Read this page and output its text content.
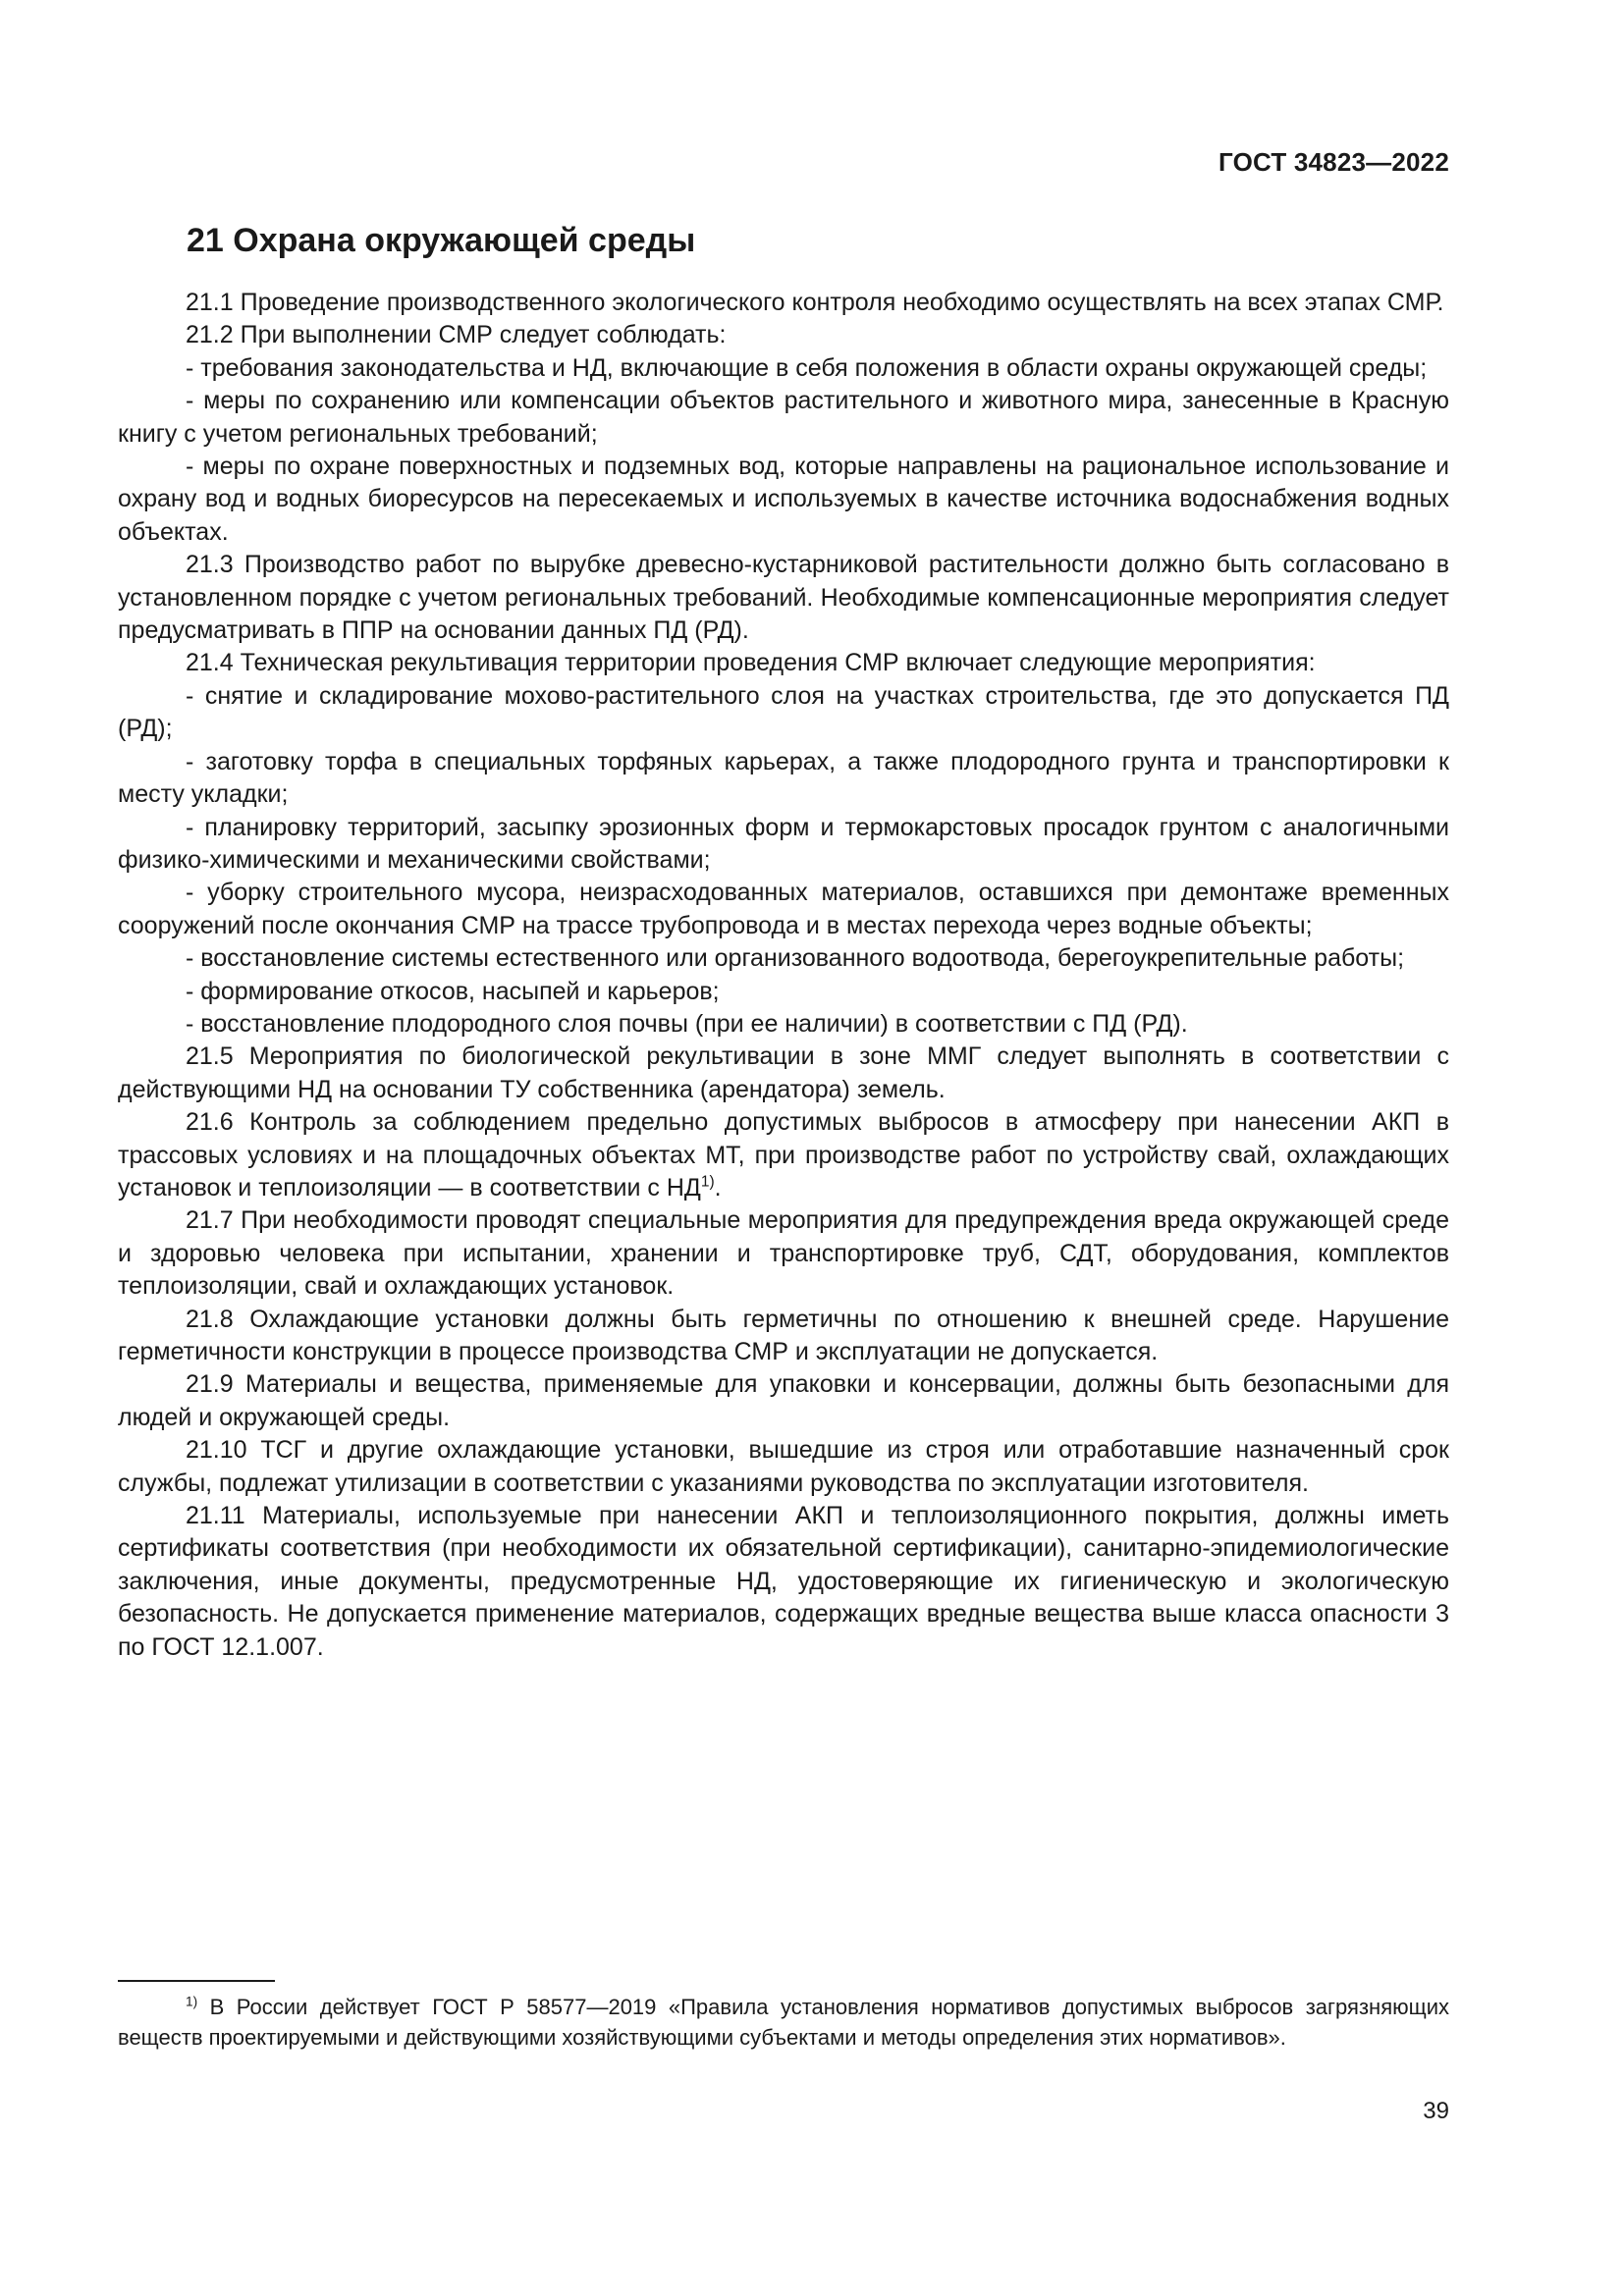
ГОСТ 34823—2022
21 Охрана окружающей среды

21.1 Проведение производственного экологического контроля необходимо осуществлять на всех этапах СМР.

21.2 При выполнении СМР следует соблюдать:

- требования законодательства и НД, включающие в себя положения в области охраны окружающей среды;

- меры по сохранению или компенсации объектов растительного и животного мира, занесенные в Красную книгу с учетом региональных требований;

- меры по охране поверхностных и подземных вод, которые направлены на рациональное использование и охрану вод и водных биоресурсов на пересекаемых и используемых в качестве источника водоснабжения водных объектах.

21.3 Производство работ по вырубке древесно-кустарниковой растительности должно быть согласовано в установленном порядке с учетом региональных требований. Необходимые компенсационные мероприятия следует предусматривать в ППР на основании данных ПД (РД).

21.4 Техническая рекультивация территории проведения СМР включает следующие мероприятия:

- снятие и складирование мохово-растительного слоя на участках строительства, где это допускается ПД (РД);

- заготовку торфа в специальных торфяных карьерах, а также плодородного грунта и транспортировки к месту укладки;

- планировку территорий, засыпку эрозионных форм и термокарстовых просадок грунтом с аналогичными физико-химическими и механическими свойствами;

- уборку строительного мусора, неизрасходованных материалов, оставшихся при демонтаже временных сооружений после окончания СМР на трассе трубопровода и в местах перехода через водные объекты;

- восстановление системы естественного или организованного водоотвода, берегоукрепительные работы;

- формирование откосов, насыпей и карьеров;

- восстановление плодородного слоя почвы (при ее наличии) в соответствии с ПД (РД).

21.5 Мероприятия по биологической рекультивации в зоне ММГ следует выполнять в соответствии с действующими НД на основании ТУ собственника (арендатора) земель.

21.6 Контроль за соблюдением предельно допустимых выбросов в атмосферу при нанесении АКП в трассовых условиях и на площадочных объектах МТ, при производстве работ по устройству свай, охлаждающих установок и теплоизоляции — в соответствии с НД$^{1)}$.

21.7 При необходимости проводят специальные мероприятия для предупреждения вреда окружающей среде и здоровью человека при испытании, хранении и транспортировке труб, СДТ, оборудования, комплектов теплоизоляции, свай и охлаждающих установок.

21.8 Охлаждающие установки должны быть герметичны по отношению к внешней среде. Нарушение герметичности конструкции в процессе производства СМР и эксплуатации не допускается.

21.9 Материалы и вещества, применяемые для упаковки и консервации, должны быть безопасными для людей и окружающей среды.

21.10 ТСГ и другие охлаждающие установки, вышедшие из строя или отработавшие назначенный срок службы, подлежат утилизации в соответствии с указаниями руководства по эксплуатации изготовителя.

21.11 Материалы, используемые при нанесении АКП и теплоизоляционного покрытия, должны иметь сертификаты соответствия (при необходимости их обязательной сертификации), санитарно-эпидемиологические заключения, иные документы, предусмотренные НД, удостоверяющие их гигиеническую и экологическую безопасность. Не допускается применение материалов, содержащих вредные вещества выше класса опасности 3 по ГОСТ 12.1.007.

$^{1)}$ В России действует ГОСТ Р 58577—2019 «Правила установления нормативов допустимых выбросов загрязняющих веществ проектируемыми и действующими хозяйствующими субъектами и методы определения этих нормативов».

39
